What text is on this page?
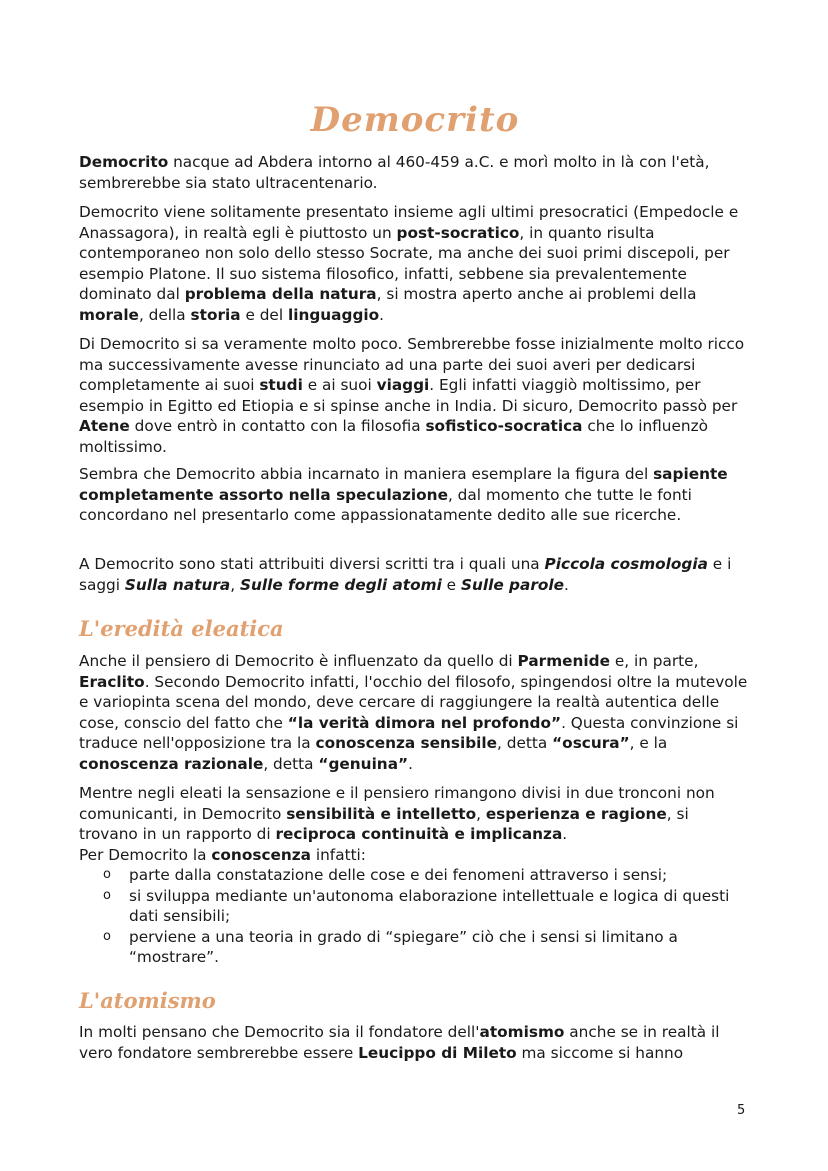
Democrito

Democrito nacque ad Abdera intorno al 460-459 a.C. e morì molto in là con l'età, sembrerebbe sia stato ultracentenario.

Democrito viene solitamente presentato insieme agli ultimi presocratici (Empedocle e Anassagora), in realtà egli è piuttosto un post-socratico, in quanto risulta contemporaneo non solo dello stesso Socrate, ma anche dei suoi primi discepoli, per esempio Platone. Il suo sistema filosofico, infatti, sebbene sia prevalentemente dominato dal problema della natura, si mostra aperto anche ai problemi della morale, della storia e del linguaggio.

Di Democrito si sa veramente molto poco. Sembrerebbe fosse inizialmente molto ricco ma successivamente avesse rinunciato ad una parte dei suoi averi per dedicarsi completamente ai suoi studi e ai suoi viaggi. Egli infatti viaggiò moltissimo, per esempio in Egitto ed Etiopia e si spinse anche in India. Di sicuro, Democrito passò per Atene dove entrò in contatto con la filosofia sofistico-socratica che lo influenzò moltissimo.

Sembra che Democrito abbia incarnato in maniera esemplare la figura del sapiente completamente assorto nella speculazione, dal momento che tutte le fonti concordano nel presentarlo come appassionatamente dedito alle sue ricerche.

A Democrito sono stati attribuiti diversi scritti tra i quali una Piccola cosmologia e i saggi Sulla natura, Sulle forme degli atomi e Sulle parole.

L'eredità eleatica

Anche il pensiero di Democrito è influenzato da quello di Parmenide e, in parte, Eraclito. Secondo Democrito infatti, l'occhio del filosofo, spingendosi oltre la mutevole e variopinta scena del mondo, deve cercare di raggiungere la realtà autentica delle cose, conscio del fatto che “la verità dimora nel profondo”. Questa convinzione si traduce nell'opposizione tra la conoscenza sensibile, detta “oscura”, e la conoscenza razionale, detta “genuina”.

Mentre negli eleati la sensazione e il pensiero rimangono divisi in due tronconi non comunicanti, in Democrito sensibilità e intelletto, esperienza e ragione, si trovano in un rapporto di reciproca continuità e implicanza.

Per Democrito la conoscenza infatti:

o parte dalla constatazione delle cose e dei fenomeni attraverso i sensi;
o si sviluppa mediante un'autonoma elaborazione intellettuale e logica di questi dati sensibili;
o perviene a una teoria in grado di “spiegare” ciò che i sensi si limitano a “mostrare”.
L'atomismo

In molti pensano che Democrito sia il fondatore dell'atomismo anche se in realtà il vero fondatore sembrerebbe essere Leucippo di Mileto ma siccome si hanno

5
